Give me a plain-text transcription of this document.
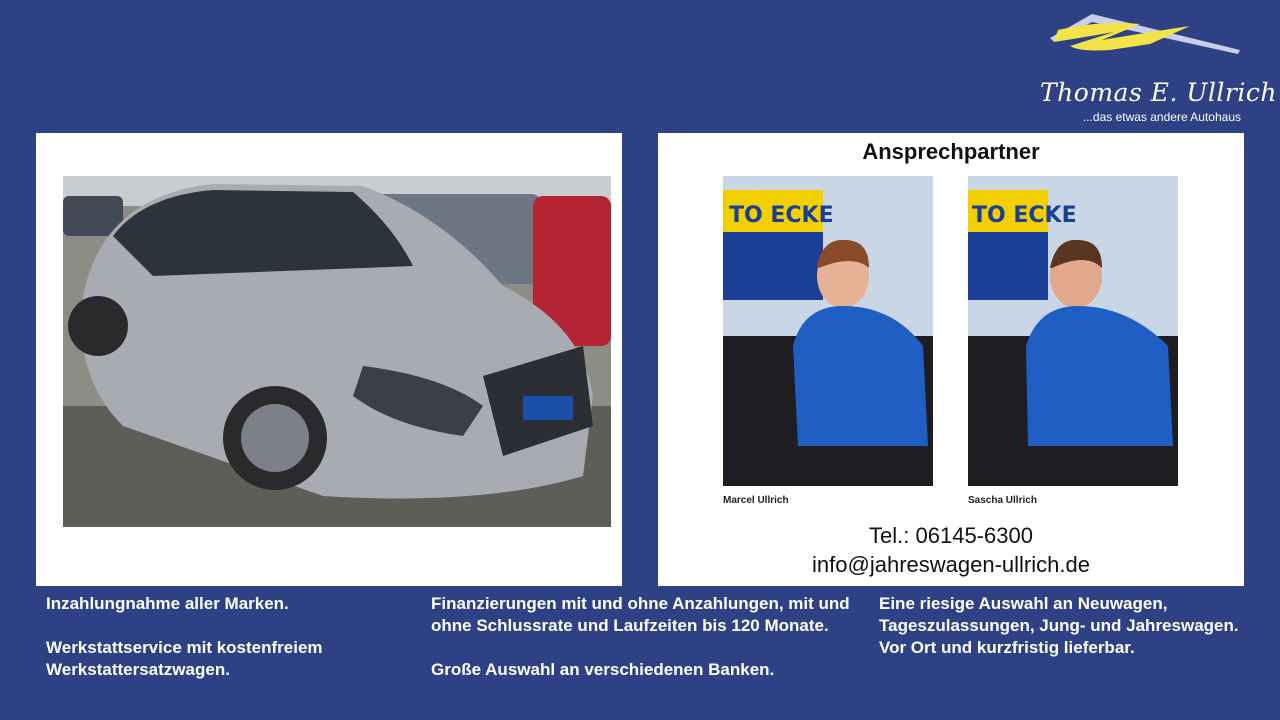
Thomas E. Ullrich
...das etwas andere Autohaus
Ansprechpartner
TO ECKE
Marcel Ullrich
TO ECKE
Sascha Ullrich
Tel.: 06145-6300
info@jahreswagen-ullrich.de

Inzahlungnahme aller Marken.

Werkstattservice mit kostenfreiem Werkstattersatzwagen.

Finanzierungen mit und ohne Anzahlungen, mit und ohne Schlussrate und Laufzeiten bis 120 Monate.

Große Auswahl an verschiedenen Banken.

Eine riesige Auswahl an Neuwagen, Tageszulassungen, Jung- und Jahreswagen. Vor Ort und kurzfristig lieferbar.
